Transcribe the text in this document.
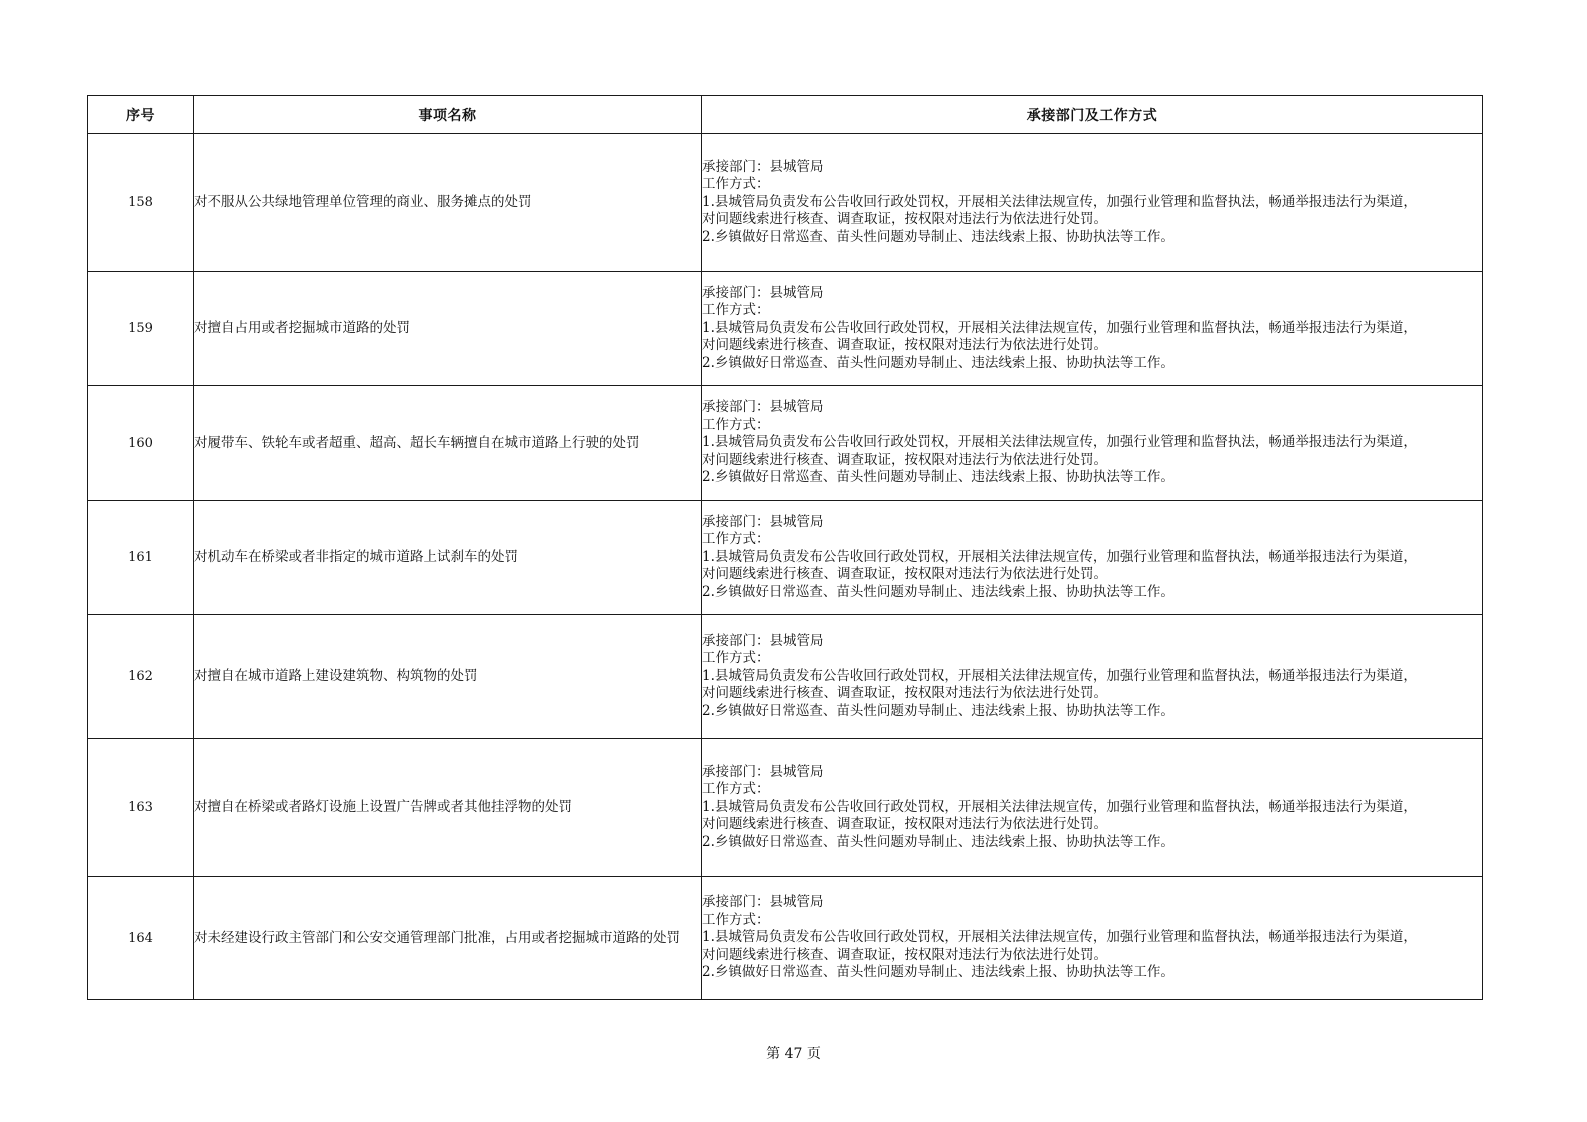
序号	事项名称	承接部门及工作方式
158	对不服从公共绿地管理单位管理的商业、服务摊点的处罚	承接部门：县城管局
工作方式：
1.县城管局负责发布公告收回行政处罚权，开展相关法律法规宣传，加强行业管理和监督执法，畅通举报违法行为渠道，
对问题线索进行核查、调查取证，按权限对违法行为依法进行处罚。
2.乡镇做好日常巡查、苗头性问题劝导制止、违法线索上报、协助执法等工作。

159	对擅自占用或者挖掘城市道路的处罚	承接部门：县城管局
工作方式：
1.县城管局负责发布公告收回行政处罚权，开展相关法律法规宣传，加强行业管理和监督执法，畅通举报违法行为渠道，
对问题线索进行核查、调查取证，按权限对违法行为依法进行处罚。
2.乡镇做好日常巡查、苗头性问题劝导制止、违法线索上报、协助执法等工作。

160	对履带车、铁轮车或者超重、超高、超长车辆擅自在城市道路上行驶的处罚	承接部门：县城管局
工作方式：
1.县城管局负责发布公告收回行政处罚权，开展相关法律法规宣传，加强行业管理和监督执法，畅通举报违法行为渠道，
对问题线索进行核查、调查取证，按权限对违法行为依法进行处罚。
2.乡镇做好日常巡查、苗头性问题劝导制止、违法线索上报、协助执法等工作。

161	对机动车在桥梁或者非指定的城市道路上试刹车的处罚	承接部门：县城管局
工作方式：
1.县城管局负责发布公告收回行政处罚权，开展相关法律法规宣传，加强行业管理和监督执法，畅通举报违法行为渠道，
对问题线索进行核查、调查取证，按权限对违法行为依法进行处罚。
2.乡镇做好日常巡查、苗头性问题劝导制止、违法线索上报、协助执法等工作。

162	对擅自在城市道路上建设建筑物、构筑物的处罚	承接部门：县城管局
工作方式：
1.县城管局负责发布公告收回行政处罚权，开展相关法律法规宣传，加强行业管理和监督执法，畅通举报违法行为渠道，
对问题线索进行核查、调查取证，按权限对违法行为依法进行处罚。
2.乡镇做好日常巡查、苗头性问题劝导制止、违法线索上报、协助执法等工作。

163	对擅自在桥梁或者路灯设施上设置广告牌或者其他挂浮物的处罚	承接部门：县城管局
工作方式：
1.县城管局负责发布公告收回行政处罚权，开展相关法律法规宣传，加强行业管理和监督执法，畅通举报违法行为渠道，
对问题线索进行核查、调查取证，按权限对违法行为依法进行处罚。
2.乡镇做好日常巡查、苗头性问题劝导制止、违法线索上报、协助执法等工作。

164	对未经建设行政主管部门和公安交通管理部门批准，占用或者挖掘城市道路的处罚	承接部门：县城管局
工作方式：
1.县城管局负责发布公告收回行政处罚权，开展相关法律法规宣传，加强行业管理和监督执法，畅通举报违法行为渠道，
对问题线索进行核查、调查取证，按权限对违法行为依法进行处罚。
2.乡镇做好日常巡查、苗头性问题劝导制止、违法线索上报、协助执法等工作。
第 47 页
